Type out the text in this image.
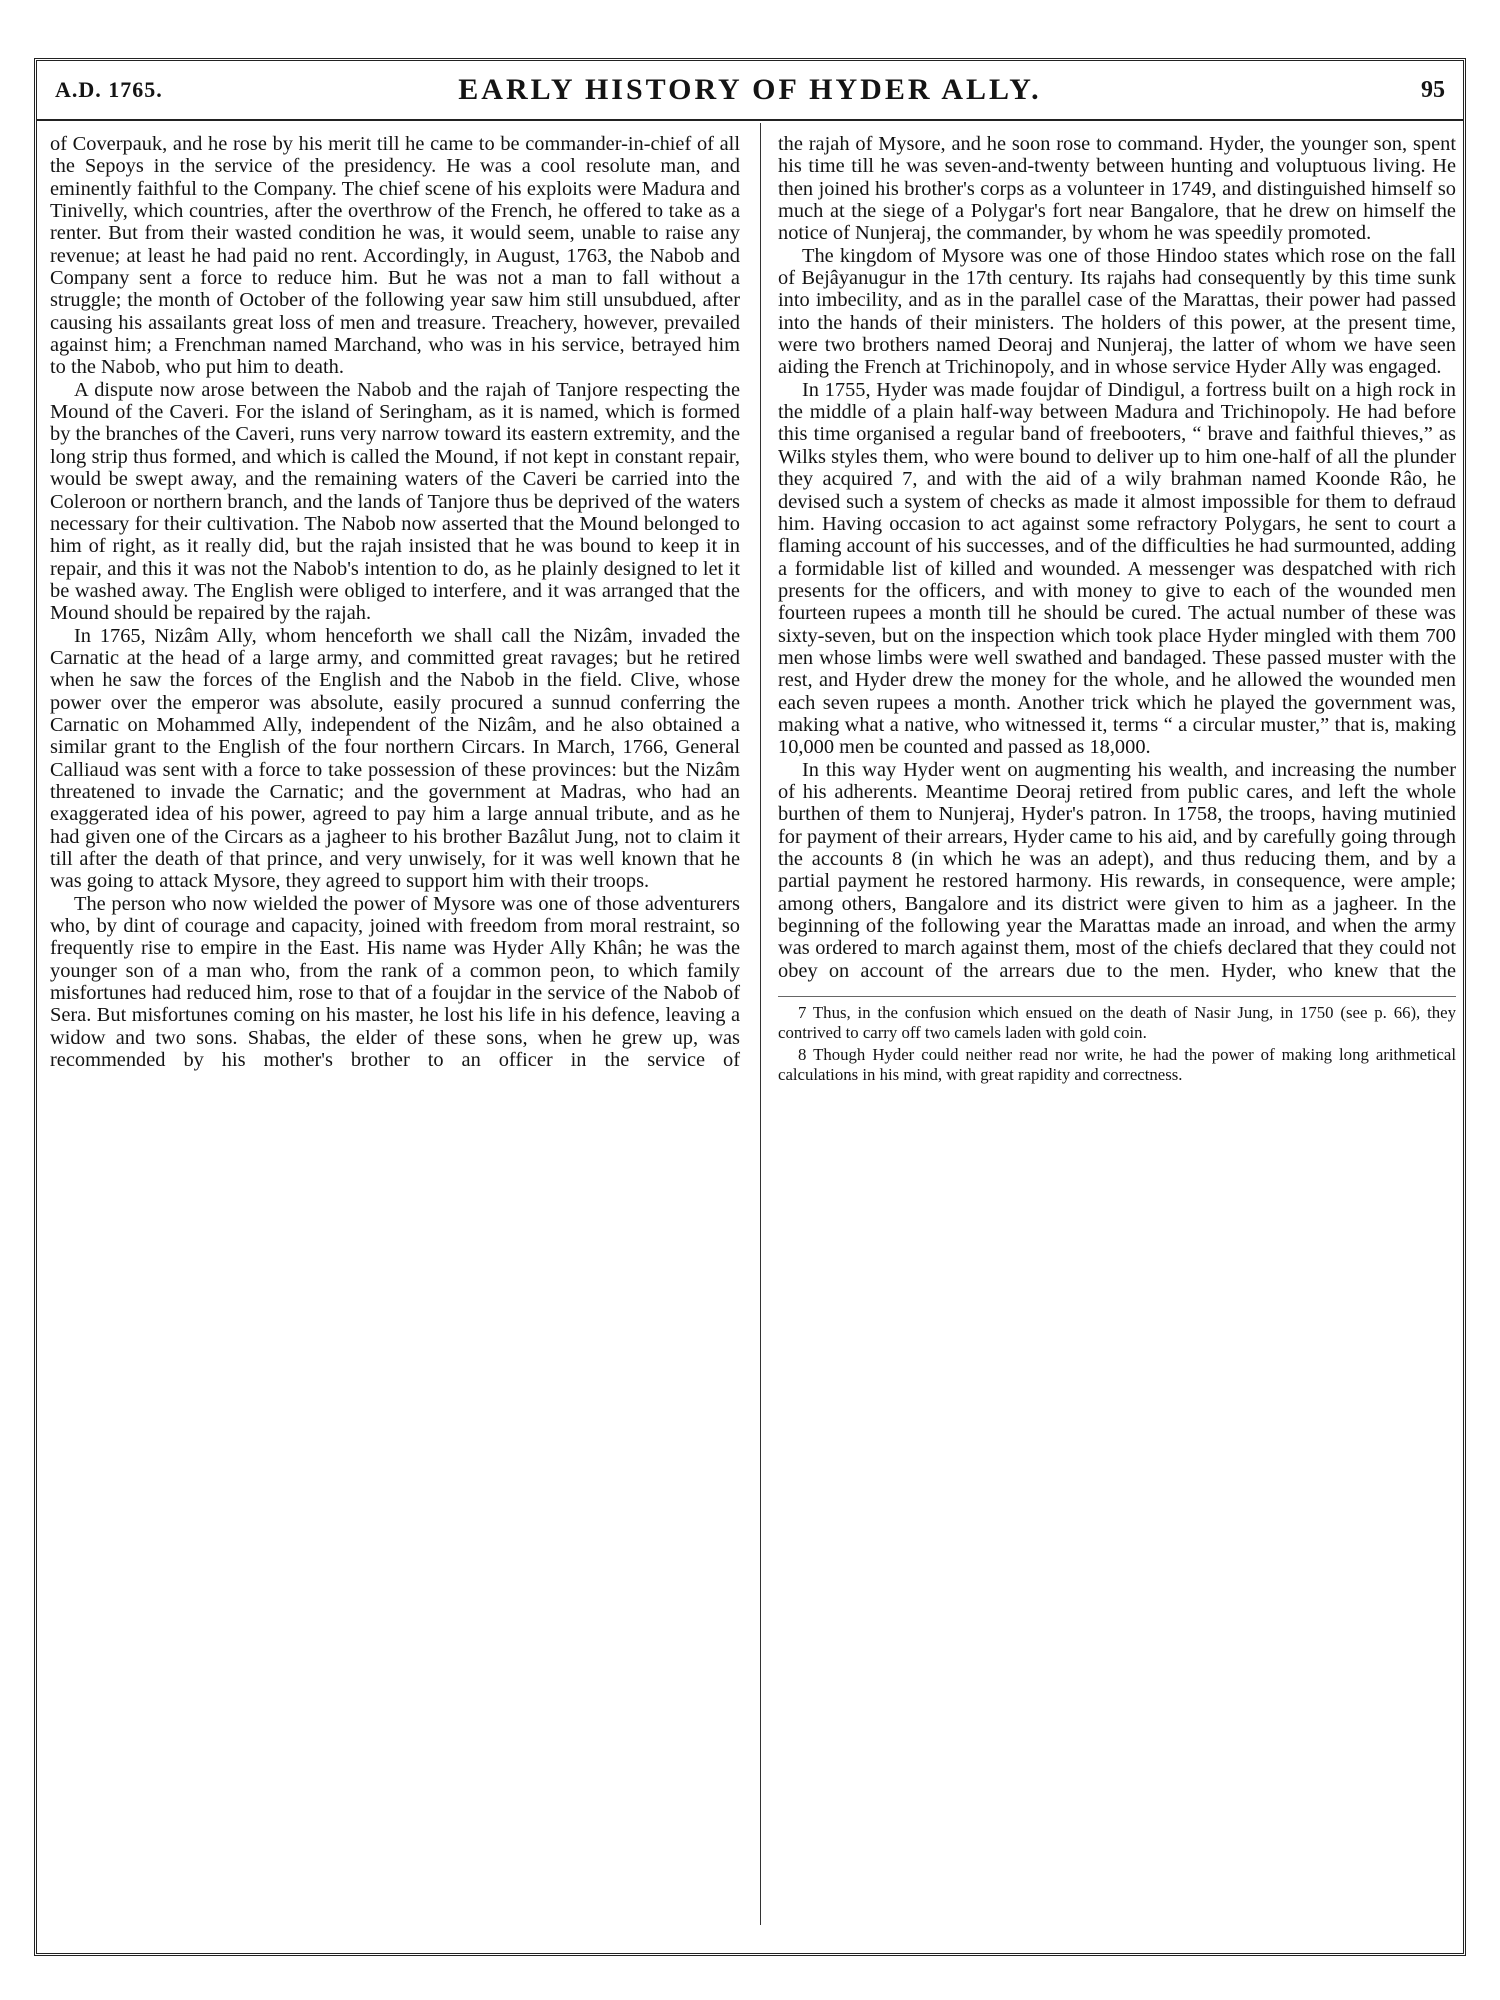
A.D. 1765.	EARLY HISTORY OF HYDER ALLY.	95

of Coverpauk, and he rose by his merit till he came to be commander-in-chief of all the Sepoys in the service of the presidency. He was a cool resolute man, and eminently faithful to the Company. The chief scene of his exploits were Madura and Tinivelly, which countries, after the overthrow of the French, he offered to take as a renter. But from their wasted condition he was, it would seem, unable to raise any revenue; at least he had paid no rent. Accordingly, in August, 1763, the Nabob and Company sent a force to reduce him. But he was not a man to fall without a struggle; the month of October of the following year saw him still unsubdued, after causing his assailants great loss of men and treasure. Treachery, however, prevailed against him; a Frenchman named Marchand, who was in his service, betrayed him to the Nabob, who put him to death.

A dispute now arose between the Nabob and the rajah of Tanjore respecting the Mound of the Caveri. For the island of Seringham, as it is named, which is formed by the branches of the Caveri, runs very narrow toward its eastern extremity, and the long strip thus formed, and which is called the Mound, if not kept in constant repair, would be swept away, and the remaining waters of the Caveri be carried into the Coleroon or northern branch, and the lands of Tanjore thus be deprived of the waters necessary for their cultivation. The Nabob now asserted that the Mound belonged to him of right, as it really did, but the rajah insisted that he was bound to keep it in repair, and this it was not the Nabob's intention to do, as he plainly designed to let it be washed away. The English were obliged to interfere, and it was arranged that the Mound should be repaired by the rajah.

In 1765, Nizâm Ally, whom henceforth we shall call the Nizâm, invaded the Carnatic at the head of a large army, and committed great ravages; but he retired when he saw the forces of the English and the Nabob in the field. Clive, whose power over the emperor was absolute, easily procured a sunnud conferring the Carnatic on Mohammed Ally, independent of the Nizâm, and he also obtained a similar grant to the English of the four northern Circars. In March, 1766, General Calliaud was sent with a force to take possession of these provinces: but the Nizâm threatened to invade the Carnatic; and the government at Madras, who had an exaggerated idea of his power, agreed to pay him a large annual tribute, and as he had given one of the Circars as a jagheer to his brother Bazâlut Jung, not to claim it till after the death of that prince, and very unwisely, for it was well known that he was going to attack Mysore, they agreed to support him with their troops.

The person who now wielded the power of Mysore was one of those adventurers who, by dint of courage and capacity, joined with freedom from moral restraint, so frequently rise to empire in the East. His name was Hyder Ally Khân; he was the younger son of a man who, from the rank of a common peon, to which family misfortunes had reduced him, rose to that of a foujdar in the service of the Nabob of Sera. But misfortunes coming on his master, he lost his life in his defence, leaving a widow and two sons. Shabas, the elder of these sons, when he grew up, was recommended by his mother's brother to an officer in the service of

the rajah of Mysore, and he soon rose to command. Hyder, the younger son, spent his time till he was seven-and-twenty between hunting and voluptuous living. He then joined his brother's corps as a volunteer in 1749, and distinguished himself so much at the siege of a Polygar's fort near Bangalore, that he drew on himself the notice of Nunjeraj, the commander, by whom he was speedily promoted.

The kingdom of Mysore was one of those Hindoo states which rose on the fall of Bejâyanugur in the 17th century. Its rajahs had consequently by this time sunk into imbecility, and as in the parallel case of the Marattas, their power had passed into the hands of their ministers. The holders of this power, at the present time, were two brothers named Deoraj and Nunjeraj, the latter of whom we have seen aiding the French at Trichinopoly, and in whose service Hyder Ally was engaged.

In 1755, Hyder was made foujdar of Dindigul, a fortress built on a high rock in the middle of a plain half-way between Madura and Trichinopoly. He had before this time organised a regular band of freebooters, “ brave and faithful thieves,” as Wilks styles them, who were bound to deliver up to him one-half of all the plunder they acquired 7, and with the aid of a wily brahman named Koonde Râo, he devised such a system of checks as made it almost impossible for them to defraud him. Having occasion to act against some refractory Polygars, he sent to court a flaming account of his successes, and of the difficulties he had surmounted, adding a formidable list of killed and wounded. A messenger was despatched with rich presents for the officers, and with money to give to each of the wounded men fourteen rupees a month till he should be cured. The actual number of these was sixty-seven, but on the inspection which took place Hyder mingled with them 700 men whose limbs were well swathed and bandaged. These passed muster with the rest, and Hyder drew the money for the whole, and he allowed the wounded men each seven rupees a month. Another trick which he played the government was, making what a native, who witnessed it, terms “ a circular muster,” that is, making 10,000 men be counted and passed as 18,000.

In this way Hyder went on augmenting his wealth, and increasing the number of his adherents. Meantime Deoraj retired from public cares, and left the whole burthen of them to Nunjeraj, Hyder's patron. In 1758, the troops, having mutinied for payment of their arrears, Hyder came to his aid, and by carefully going through the accounts 8 (in which he was an adept), and thus reducing them, and by a partial payment he restored harmony. His rewards, in consequence, were ample; among others, Bangalore and its district were given to him as a jagheer. In the beginning of the following year the Marattas made an inroad, and when the army was ordered to march against them, most of the chiefs declared that they could not obey on account of the arrears due to the men. Hyder, who knew that the

7 Thus, in the confusion which ensued on the death of Nasir Jung, in 1750 (see p. 66), they contrived to carry off two camels laden with gold coin.

8 Though Hyder could neither read nor write, he had the power of making long arithmetical calculations in his mind, with great rapidity and correctness.
